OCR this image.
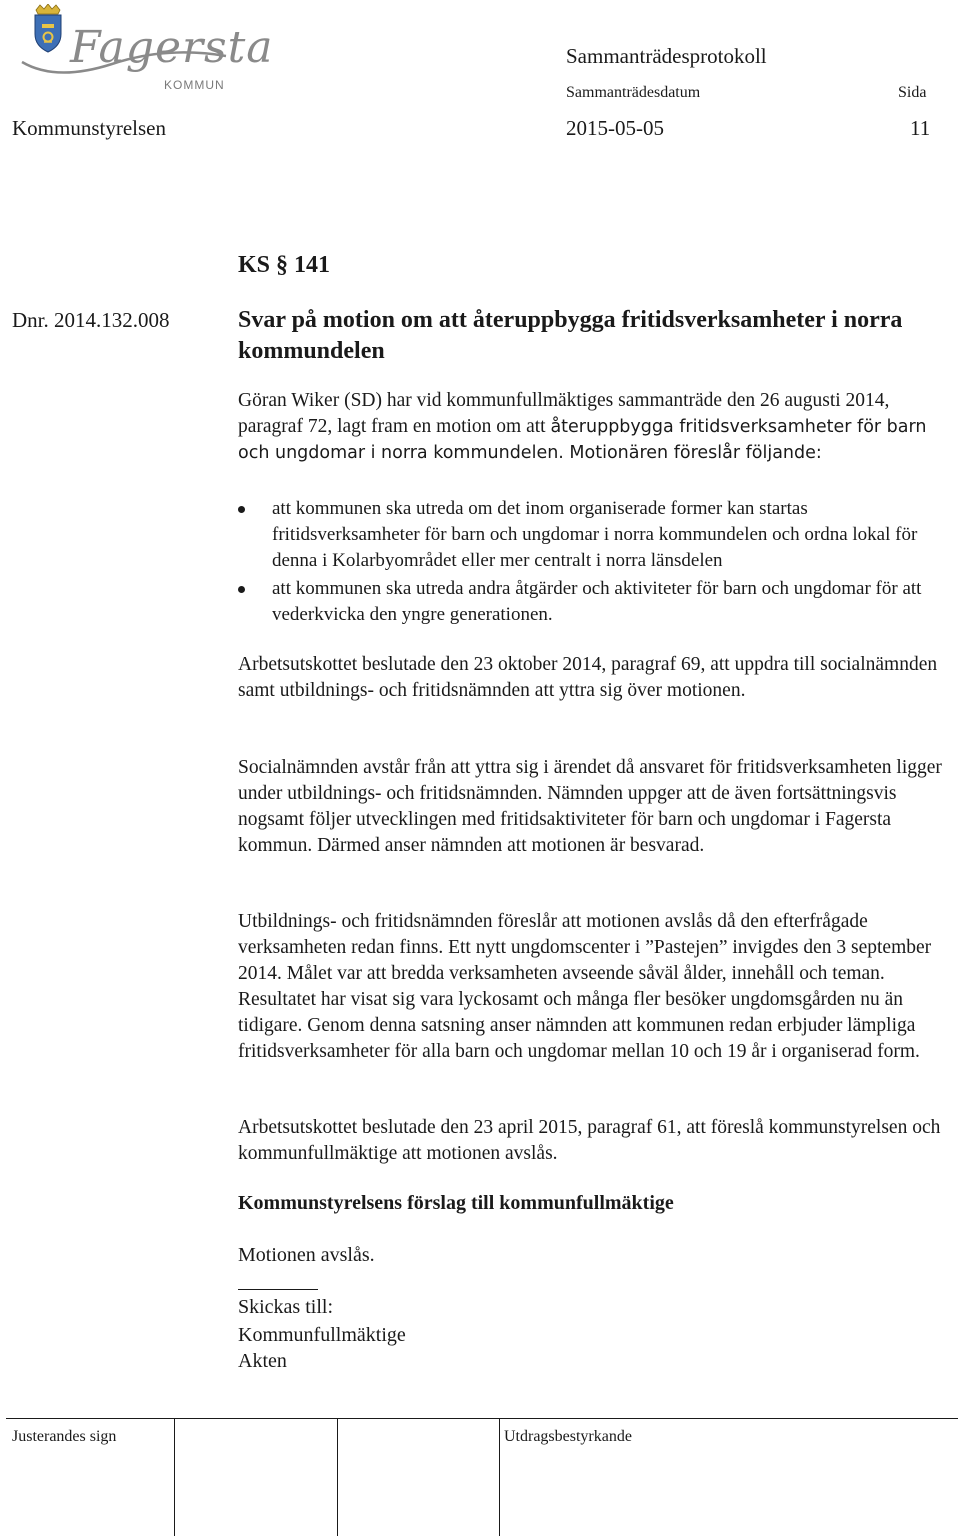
Fagersta
KOMMUN
Sammanträdesprotokoll
Sammanträdesdatum	Sida
Kommunstyrelsen	2015-05-05	11
KS § 141
Dnr. 2014.132.008	Svar på motion om att återuppbygga fritidsverksamheter i norra kommundelen
Göran Wiker (SD) har vid kommunfullmäktiges sammanträde den 26 augusti 2014, paragraf 72, lagt fram en motion om att återuppbygga fritidsverksamheter för barn och ungdomar i norra kommundelen. Motionären föreslår följande:
att kommunen ska utreda om det inom organiserade former kan startas fritidsverksamheter för barn och ungdomar i norra kommundelen och ordna lokal för denna i Kolarbyområdet eller mer centralt i norra länsdelen
att kommunen ska utreda andra åtgärder och aktiviteter för barn och ungdomar för att vederkvicka den yngre generationen.
Arbetsutskottet beslutade den 23 oktober 2014, paragraf 69, att uppdra till socialnämnden samt utbildnings- och fritidsnämnden att yttra sig över motionen.
Socialnämnden avstår från att yttra sig i ärendet då ansvaret för fritidsverksamheten ligger under utbildnings- och fritidsnämnden. Nämnden uppger att de även fortsättningsvis nogsamt följer utvecklingen med fritidsaktiviteter för barn och ungdomar i Fagersta kommun. Därmed anser nämnden att motionen är besvarad.
Utbildnings- och fritidsnämnden föreslår att motionen avslås då den efterfrågade verksamheten redan finns. Ett nytt ungdomscenter i ”Pastejen” invigdes den 3 september 2014. Målet var att bredda verksamheten avseende såväl ålder, innehåll och teman. Resultatet har visat sig vara lyckosamt och många fler besöker ungdomsgården nu än tidigare. Genom denna satsning anser nämnden att kommunen redan erbjuder lämpliga fritidsverksamheter för alla barn och ungdomar mellan 10 och 19 år i organiserad form.
Arbetsutskottet beslutade den 23 april 2015, paragraf 61, att föreslå kommunstyrelsen och kommunfullmäktige att motionen avslås.
Kommunstyrelsens förslag till kommunfullmäktige
Motionen avslås.
Skickas till:
Kommunfullmäktige
Akten
Justerandes sign	Utdragsbestyrkande
